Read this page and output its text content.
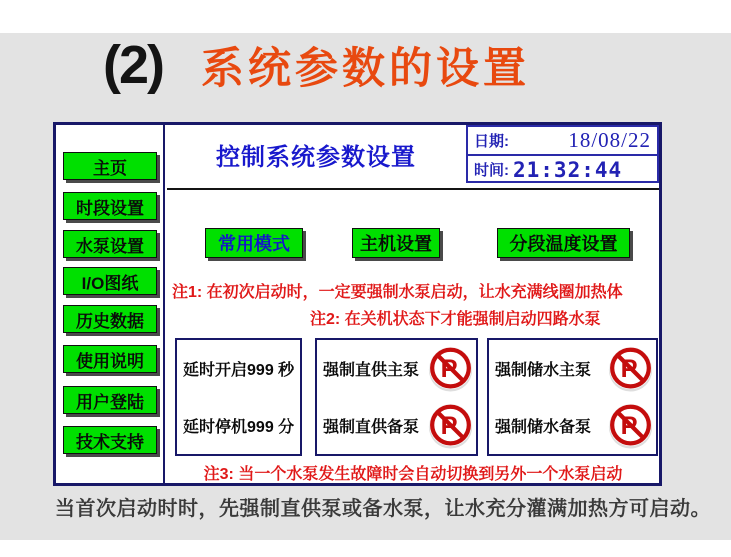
(2) 系统参数的设置
主页
时段设置
水泵设置
I/O图纸
历史数据
使用说明
用户登陆
技术支持
控制系统参数设置
日期:	18/08/22
时间: 21:32:44
常用模式	主机设置	分段温度设置
注1: 在初次启动时，一定要强制水泵启动，让水充满线圈加热体
注2: 在关机状态下才能强制启动四路水泵
延时开启999 秒
延时停机999 分
强制直供主泵
强制直供备泵
强制储水主泵
强制储水备泵
注3: 当一个水泵发生故障时会自动切换到另外一个水泵启动
当首次启动时时，先强制直供泵或备水泵，让水充分灌满加热方可启动。
